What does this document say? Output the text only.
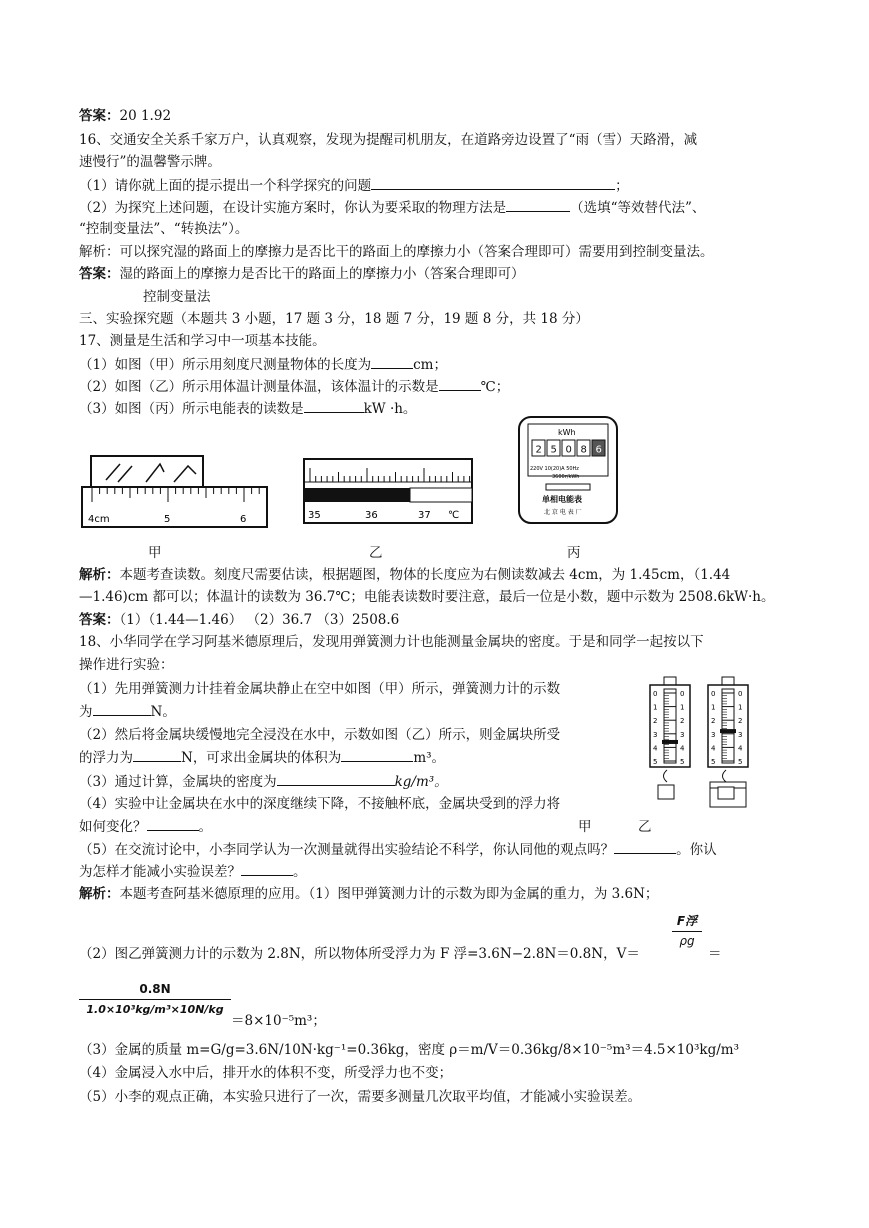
答案：20 1.92
16、交通安全关系千家万户，认真观察，发现为提醒司机朋友，在道路旁边设置了“雨（雪）天路滑，减
速慢行”的温馨警示牌。
（1）请你就上面的提示提出一个科学探究的问题	；
（2）为探究上述问题，在设计实施方案时，你认为要采取的物理方法是	（选填“等效替代法”、
“控制变量法”、“转换法”）。
解析：可以探究湿的路面上的摩擦力是否比干的路面上的摩擦力小（答案合理即可）需要用到控制变量法。
答案：湿的路面上的摩擦力是否比干的路面上的摩擦力小（答案合理即可）
控制变量法
三、实验探究题（本题共 3 小题，17 题 3 分，18 题 7 分，19 题 8 分，共 18 分）
17、测量是生活和学习中一项基本技能。
（1）如图（甲）所示用刻度尺测量物体的长度为	cm；
（2）如图（乙）所示用体温计测量体温，该体温计的示数是	℃；
（3）如图（丙）所示电能表的读数是	kW ·h。
4cm	5	6
甲
35	36	37 ℃
乙
kWh
2 5 0 8 6
220V 10(20)A 50Hz
3600r/kWh
单相电能表
北 京 电 表 厂
丙
解析：本题考查读数。刻度尺需要估读，根据题图，物体的长度应为右侧读数减去 4cm，为 1.45cm，（1.44
—1.46)cm 都可以；体温计的读数为 36.7℃；电能表读数时要注意，最后一位是小数，题中示数为 2508.6kW·h。
答案：（1）（1.44—1.46） （2）36.7 （3）2508.6
18、小华同学在学习阿基米德原理后，发现用弹簧测力计也能测量金属块的密度。于是和同学一起按以下
操作进行实验：
（1）先用弹簧测力计挂着金属块静止在空中如图（甲）所示，弹簧测力计的示数
为	N。
（2）然后将金属块缓慢地完全浸没在水中，示数如图（乙）所示，则金属块所受
的浮力为	N，可求出金属块的体积为	m³。
（3）通过计算，金属块的密度为	kg/m³。
（4）实验中让金属块在水中的深度继续下降，不接触杯底，金属块受到的浮力将
如何变化？	。
（5）在交流讨论中，小李同学认为一次测量就得出实验结论不科学，你认同他的观点吗？	。你认
为怎样才能减小实验误差？	。
0	0
1	1
2	2
3	3
4	4
5	5
0	0
1	1
2	2
3	3
4	4
5	5
甲	乙
解析：本题考查阿基米德原理的应用。（1）图甲弹簧测力计的示数为即为金属的重力，为 3.6N；
（2）图乙弹簧测力计的示数为 2.8N，所以物体所受浮力为 F 浮=3.6N−2.8N＝0.8N，V＝
F浮
ρg
＝
0.8N
1.0×10³kg/m³×10N/kg
＝8×10⁻⁵m³；
（3）金属的质量 m=G/g=3.6N/10N·kg⁻¹=0.36kg，密度 ρ＝m/V＝0.36kg/8×10⁻⁵m³＝4.5×10³kg/m³
（4）金属浸入水中后，排开水的体积不变，所受浮力也不变；
（5）小李的观点正确，本实验只进行了一次，需要多测量几次取平均值，才能减小实验误差。
